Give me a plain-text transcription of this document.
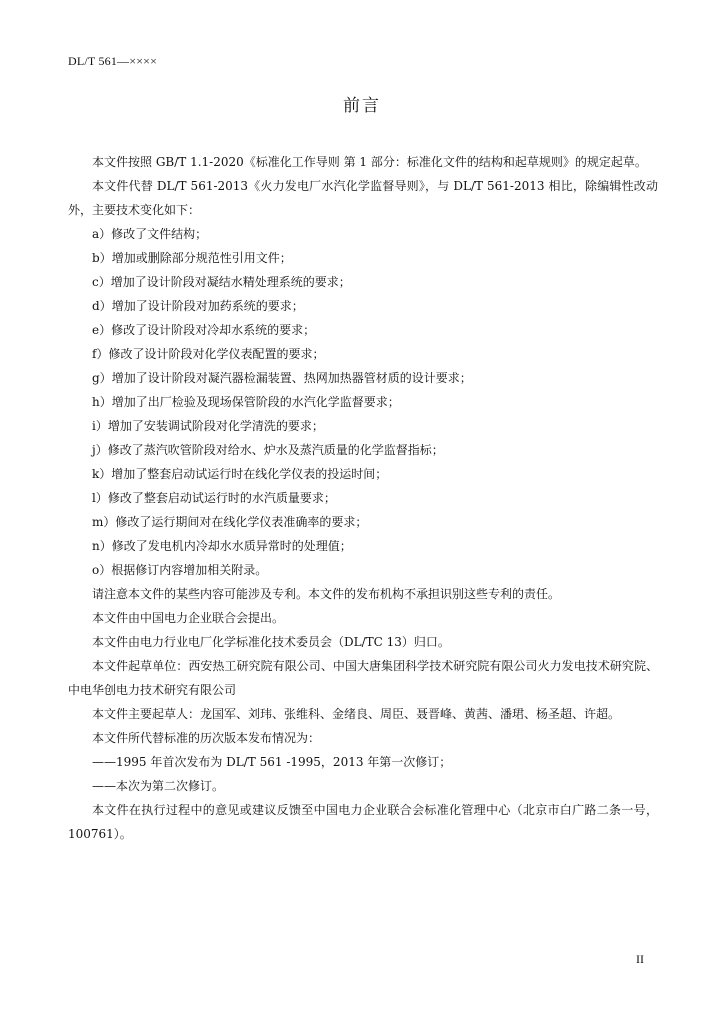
DL/T 561—××××
前言

本文件按照 GB/T 1.1-2020《标准化工作导则 第 1 部分：标准化文件的结构和起草规则》的规定起草。

本文件代替 DL/T 561-2013《火力发电厂水汽化学监督导则》，与 DL/T 561-2013 相比，除编辑性改动外，主要技术变化如下：

a）修改了文件结构；

b）增加或删除部分规范性引用文件；

c）增加了设计阶段对凝结水精处理系统的要求；

d）增加了设计阶段对加药系统的要求；

e）修改了设计阶段对冷却水系统的要求；

f）修改了设计阶段对化学仪表配置的要求；

g）增加了设计阶段对凝汽器检漏装置、热网加热器管材质的设计要求；

h）增加了出厂检验及现场保管阶段的水汽化学监督要求；

i）增加了安装调试阶段对化学清洗的要求；

j）修改了蒸汽吹管阶段对给水、炉水及蒸汽质量的化学监督指标；

k）增加了整套启动试运行时在线化学仪表的投运时间；

l）修改了整套启动试运行时的水汽质量要求；

m）修改了运行期间对在线化学仪表准确率的要求；

n）修改了发电机内冷却水水质异常时的处理值；

o）根据修订内容增加相关附录。

请注意本文件的某些内容可能涉及专利。本文件的发布机构不承担识别这些专利的责任。

本文件由中国电力企业联合会提出。

本文件由电力行业电厂化学标准化技术委员会（DL/TC 13）归口。

本文件起草单位：西安热工研究院有限公司、中国大唐集团科学技术研究院有限公司火力发电技术研究院、中电华创电力技术研究有限公司

本文件主要起草人：龙国军、刘玮、张维科、金绪良、周臣、聂晋峰、黄茜、潘珺、杨圣超、许超。

本文件所代替标准的历次版本发布情况为：

——1995 年首次发布为 DL/T 561 -1995，2013 年第一次修订；

——本次为第二次修订。

本文件在执行过程中的意见或建议反馈至中国电力企业联合会标准化管理中心（北京市白广路二条一号，100761）。

II
